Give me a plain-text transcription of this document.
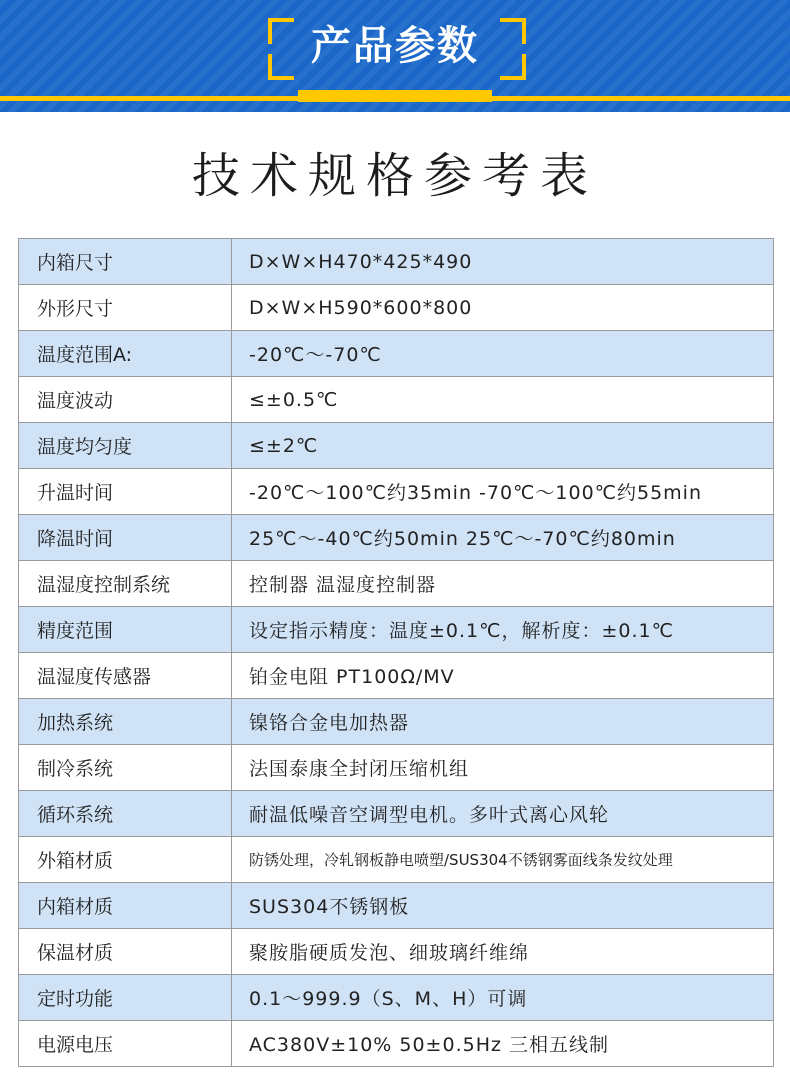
产品参数
技术规格参考表
内箱尺寸	D×W×H470*425*490
外形尺寸	D×W×H590*600*800
温度范围A:	-20℃～-70℃
温度波动	≤±0.5℃
温度均匀度	≤±2℃
升温时间	-20℃～100℃约35min -70℃～100℃约55min
降温时间	25℃～-40℃约50min 25℃～-70℃约80min
温湿度控制系统	控制器 温湿度控制器
精度范围	设定指示精度：温度±0.1℃，解析度：±0.1℃
温湿度传感器	铂金电阻 PT100Ω/MV
加热系统	镍铬合金电加热器
制冷系统	法国泰康全封闭压缩机组
循环系统	耐温低噪音空调型电机。多叶式离心风轮
外箱材质	防锈处理，冷轧钢板静电喷塑/SUS304不锈钢雾面线条发纹处理
内箱材质	SUS304不锈钢板
保温材质	聚胺脂硬质发泡、细玻璃纤维绵
定时功能	0.1～999.9（S、M、H）可调
电源电压	AC380V±10% 50±0.5Hz 三相五线制
